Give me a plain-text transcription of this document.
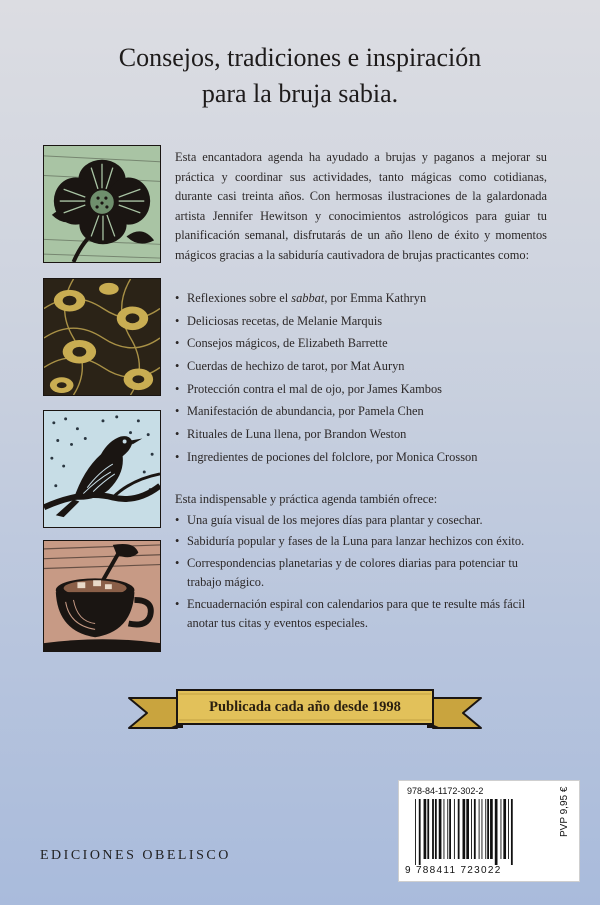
Consejos, tradiciones e inspiración
para la bruja sabia.

Esta encantadora agenda ha ayudado a brujas y paganos a mejorar su práctica y coordinar sus actividades, tanto mágicas como cotidianas, durante casi treinta años. Con hermosas ilustraciones de la galardonada artista Jennifer Hewitson y conocimientos astrológicos para guiar tu planificación semanal, disfrutarás de un año lleno de éxito y momentos mágicos gracias a la sabiduría cautivadora de brujas practicantes como:

• Reflexiones sobre el sabbat, por Emma Kathryn
• Deliciosas recetas, de Melanie Marquis
• Consejos mágicos, de Elizabeth Barrette
• Cuerdas de hechizo de tarot, por Mat Auryn
• Protección contra el mal de ojo, por James Kambos
• Manifestación de abundancia, por Pamela Chen
• Rituales de Luna llena, por Brandon Weston
• Ingredientes de pociones del folclore, por Monica Crosson

Esta indispensable y práctica agenda también ofrece:

• Una guía visual de los mejores días para plantar y cosechar.
• Sabiduría popular y fases de la Luna para lanzar hechizos con éxito.
• Correspondencias planetarias y de colores diarias para potenciar tu trabajo mágico.
• Encuadernación espiral con calendarios para que te resulte más fácil anotar tus citas y eventos especiales.
Publicada cada año desde 1998
EDICIONES OBELISCO
978-84-1172-302-2
9 788411 723022
PVP 9,95 €
